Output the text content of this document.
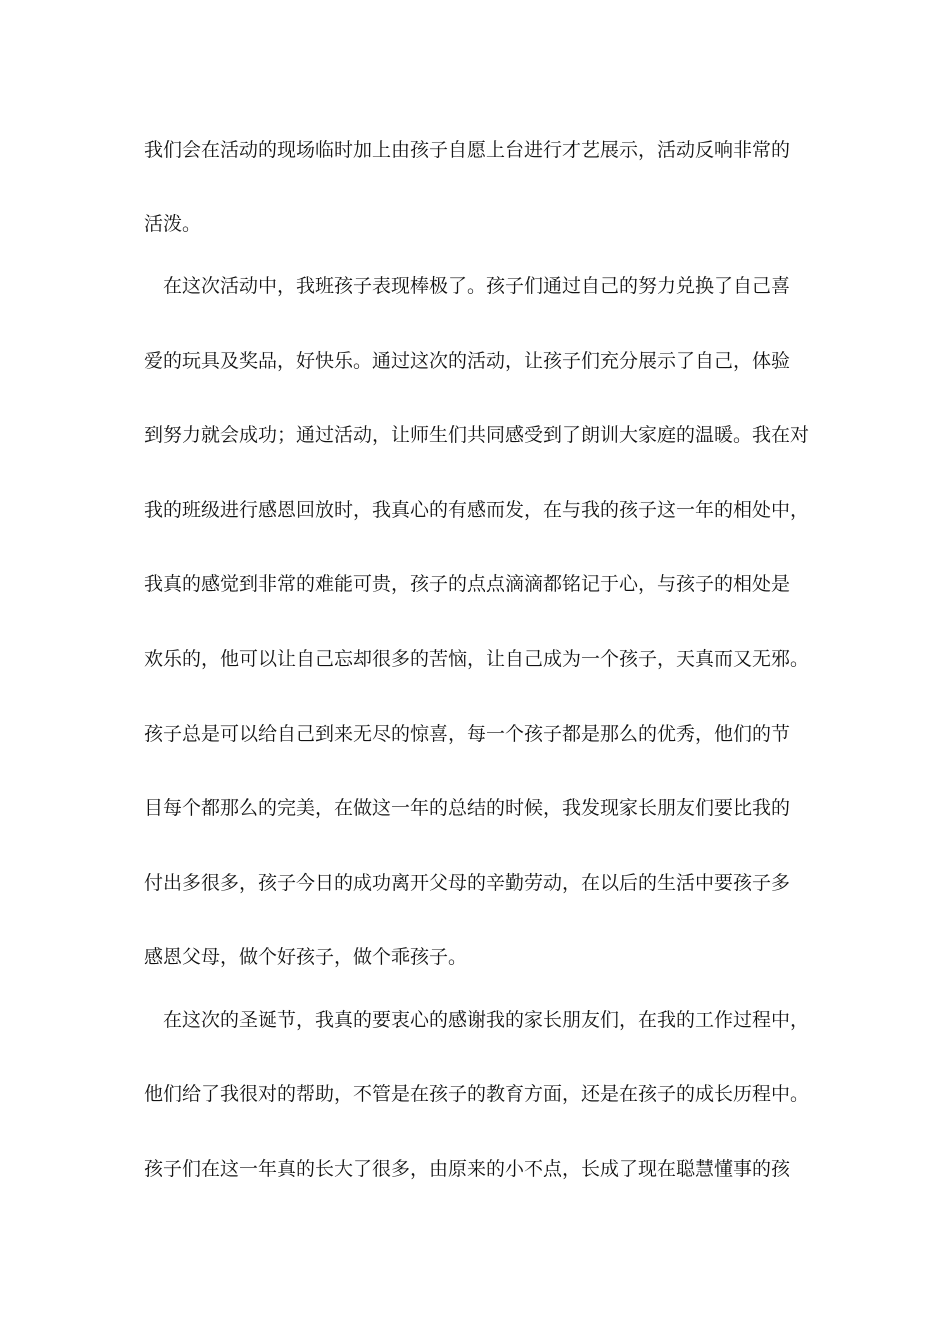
我们会在活动的现场临时加上由孩子自愿上台进行才艺展示，活动反响非常的
活泼。
在这次活动中，我班孩子表现棒极了。孩子们通过自己的努力兑换了自己喜
爱的玩具及奖品，好快乐。通过这次的活动，让孩子们充分展示了自己，体验
到努力就会成功；通过活动，让师生们共同感受到了朗训大家庭的温暖。我在对
我的班级进行感恩回放时，我真心的有感而发，在与我的孩子这一年的相处中，
我真的感觉到非常的难能可贵，孩子的点点滴滴都铭记于心，与孩子的相处是
欢乐的，他可以让自己忘却很多的苦恼，让自己成为一个孩子，天真而又无邪。
孩子总是可以给自己到来无尽的惊喜，每一个孩子都是那么的优秀，他们的节
目每个都那么的完美，在做这一年的总结的时候，我发现家长朋友们要比我的
付出多很多，孩子今日的成功离开父母的辛勤劳动，在以后的生活中要孩子多
感恩父母，做个好孩子，做个乖孩子。
在这次的圣诞节，我真的要衷心的感谢我的家长朋友们，在我的工作过程中，
他们给了我很对的帮助，不管是在孩子的教育方面，还是在孩子的成长历程中。
孩子们在这一年真的长大了很多，由原来的小不点，长成了现在聪慧懂事的孩
